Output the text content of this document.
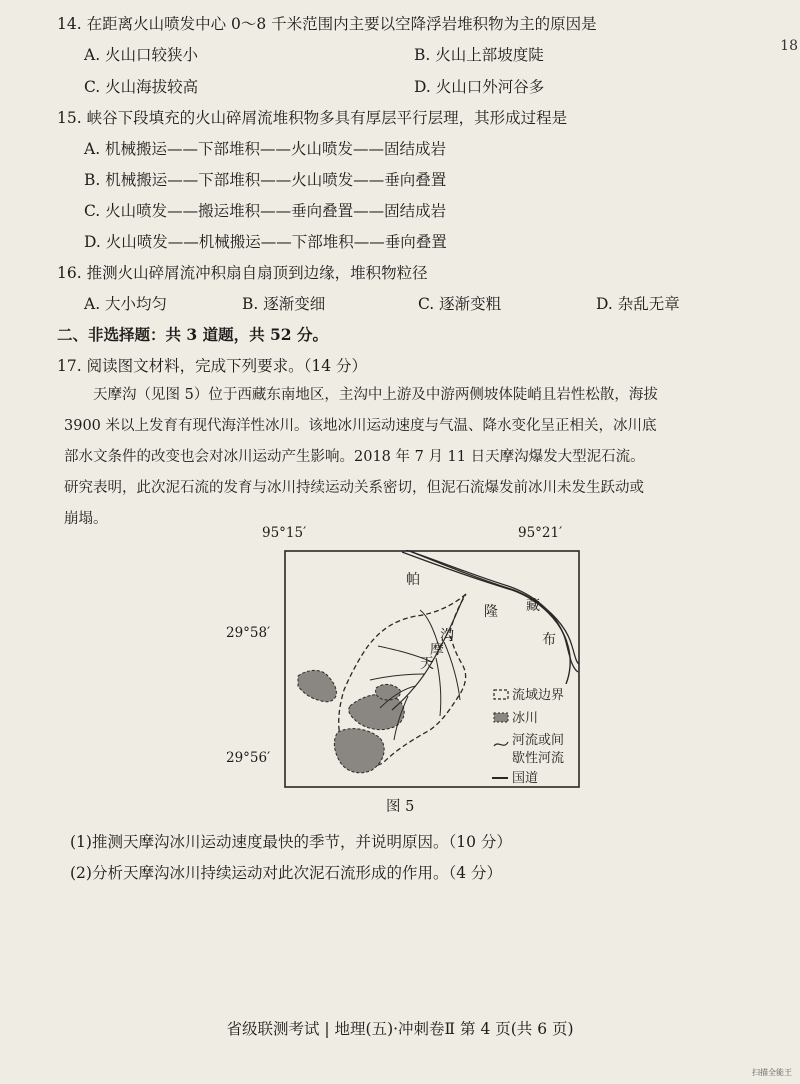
18
14. 在距离火山喷发中心 0～8 千米范围内主要以空降浮岩堆积物为主的原因是
A. 火山口较狭小	B. 火山上部坡度陡
C. 火山海拔较高	D. 火山口外河谷多
15. 峡谷下段填充的火山碎屑流堆积物多具有厚层平行层理，其形成过程是
A. 机械搬运——下部堆积——火山喷发——固结成岩
B. 机械搬运——下部堆积——火山喷发——垂向叠置
C. 火山喷发——搬运堆积——垂向叠置——固结成岩
D. 火山喷发——机械搬运——下部堆积——垂向叠置
16. 推测火山碎屑流冲积扇自扇顶到边缘，堆积物粒径
A. 大小均匀	B. 逐渐变细	C. 逐渐变粗	D. 杂乱无章
二、非选择题：共 3 道题，共 52 分。
17. 阅读图文材料，完成下列要求。（14 分）

天摩沟（见图 5）位于西藏东南地区，主沟中上游及中游两侧坡体陡峭且岩性松散，海拔

3900 米以上发育有现代海洋性冰川。该地冰川运动速度与气温、降水变化呈正相关，冰川底

部水文条件的改变也会对冰川运动产生影响。2018 年 7 月 11 日天摩沟爆发大型泥石流。

研究表明，此次泥石流的发育与冰川持续运动关系密切，但泥石流爆发前冰川未发生跃动或

崩塌。

95°15′	95°21′
29°58′
29°56′
帕
隆 藏
布
沟
摩
天
流域边界
冰川
河流或间
歇性河流
国道
图 5
(1)推测天摩沟冰川运动速度最快的季节，并说明原因。（10 分）
(2)分析天摩沟冰川持续运动对此次泥石流形成的作用。（4 分）
省级联测考试 | 地理(五)·冲刺卷Ⅱ 第 4 页(共 6 页)
扫描全能王
